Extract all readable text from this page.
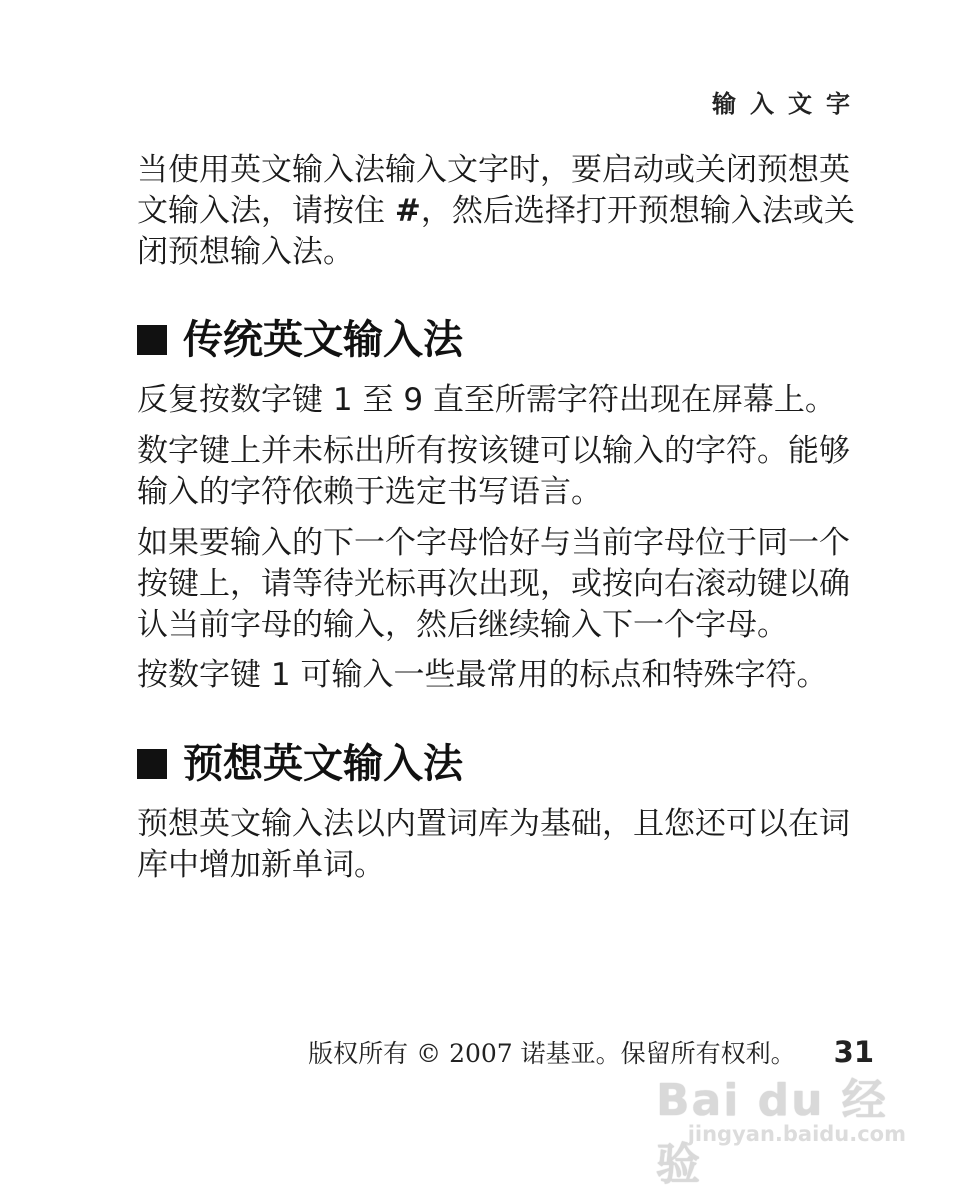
输入文字

当使用英文输入法输入文字时，要启动或关闭预想英文输入法，请按住 #，然后选择打开预想输入法或关闭预想输入法。

传统英文输入法

反复按数字键 1 至 9 直至所需字符出现在屏幕上。

数字键上并未标出所有按该键可以输入的字符。能够输入的字符依赖于选定书写语言。

如果要输入的下一个字母恰好与当前字母位于同一个按键上，请等待光标再次出现，或按向右滚动键以确认当前字母的输入，然后继续输入下一个字母。

按数字键 1 可输入一些最常用的标点和特殊字符。

预想英文输入法

预想英文输入法以内置词库为基础，且您还可以在词库中增加新单词。

版权所有 © 2007 诺基亚。保留所有权利。 31
Bai du 经验
jingyan.baidu.com
